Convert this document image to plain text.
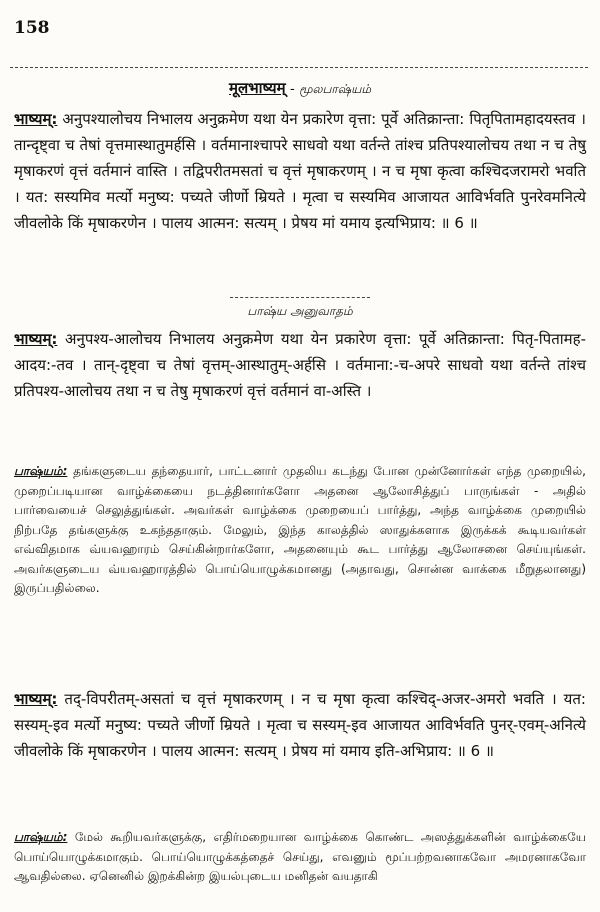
158
मूलभाष्यम् - மூலபாஷ்யம்
भाष्यम्: अनुपश्यालोचय निभालय अनुक्रमेण यथा येन प्रकारेण वृत्ता: पूर्वे अतिक्रान्ता: पितृपितामहादयस्तव । तान्दृष्ट्वा च तेषां वृत्तमास्थातुमर्हसि । वर्तमानाश्चापरे साधवो यथा वर्तन्ते तांश्च प्रतिपश्यालोचय तथा न च तेषु मृषाकरणं वृत्तं वर्तमानं वास्ति । तद्विपरीतमसतां च वृत्तं मृषाकरणम् । न च मृषा कृत्वा कश्चिदजरामरो भवति । यत: सस्यमिव मर्त्यो मनुष्य: पच्यते जीर्णो म्रियते । मृत्वा च सस्यमिव आजायत आविर्भवति पुनरेवमनित्ये जीवलोके किं मृषाकरणेन । पालय आत्मन: सत्यम् । प्रेषय मां यमाय इत्यभिप्राय: ॥ 6 ॥
பாஷ்ய அனுவாதம்
भाष्यम्: अनुपश्य-आलोचय निभालय अनुक्रमेण यथा येन प्रकारेण वृत्ता: पूर्वे अतिक्रान्ता: पितृ-पितामह-आदय:-तव । तान्-दृष्ट्वा च तेषां वृत्तम्-आस्थातुम्-अर्हसि । वर्तमाना:-च-अपरे साधवो यथा वर्तन्ते तांश्च प्रतिपश्य-आलोचय तथा न च तेषु मृषाकरणं वृत्तं वर्तमानं वा-अस्ति ।
பாஷ்யம்: தங்களுடைய தந்தையார், பாட்டனார் முதலிய கடந்து போன முன்னோர்கள் எந்த முறையில், முறைப்படியான வாழ்க்கையை நடத்தினார்களோ அதனை ஆலோசித்துப் பாருங்கள் - அதில் பார்வையைச் செலுத்துங்கள். அவர்கள் வாழ்க்கை முறையைப் பார்த்து, அந்த வாழ்க்கை முறையில் நிற்பதே தங்களுக்கு உகந்ததாகும். மேலும், இந்த காலத்தில் ஸாதுக்களாக இருக்கக் கூடியவர்கள் எவ்விதமாக வ்யவஹாரம் செய்கின்றார்களோ, அதனையும் கூட பார்த்து ஆலோசனை செய்யுங்கள். அவர்களுடைய வ்யவஹாரத்தில் பொய்யொழுக்கமானது (அதாவது, சொன்ன வாக்கை மீறுதலானது) இருப்பதில்லை.
भाष्यम्: तद्-विपरीतम्-असतां च वृत्तं मृषाकरणम् । न च मृषा कृत्वा कश्चिद्-अजर-अमरो भवति । यत: सस्यम्-इव मर्त्यो मनुष्य: पच्यते जीर्णो म्रियते । मृत्वा च सस्यम्-इव आजायत आविर्भवति पुनर्-एवम्-अनित्ये जीवलोके किं मृषाकरणेन । पालय आत्मन: सत्यम् । प्रेषय मां यमाय इति-अभिप्राय: ॥ 6 ॥
பாஷ்யம்: மேல் கூறியவர்களுக்கு, எதிர்மறையான வாழ்க்கை கொண்ட அஸத்துக்களின் வாழ்க்கையே பொய்யொழுக்கமாகும். பொய்யொழுக்கத்தைச் செய்து, எவனும் மூப்பற்றவனாகவோ அமரனாகவோ ஆவதில்லை. ஏனெனில் இறக்கின்ற இயல்புடைய மனிதன் வயதாகி
